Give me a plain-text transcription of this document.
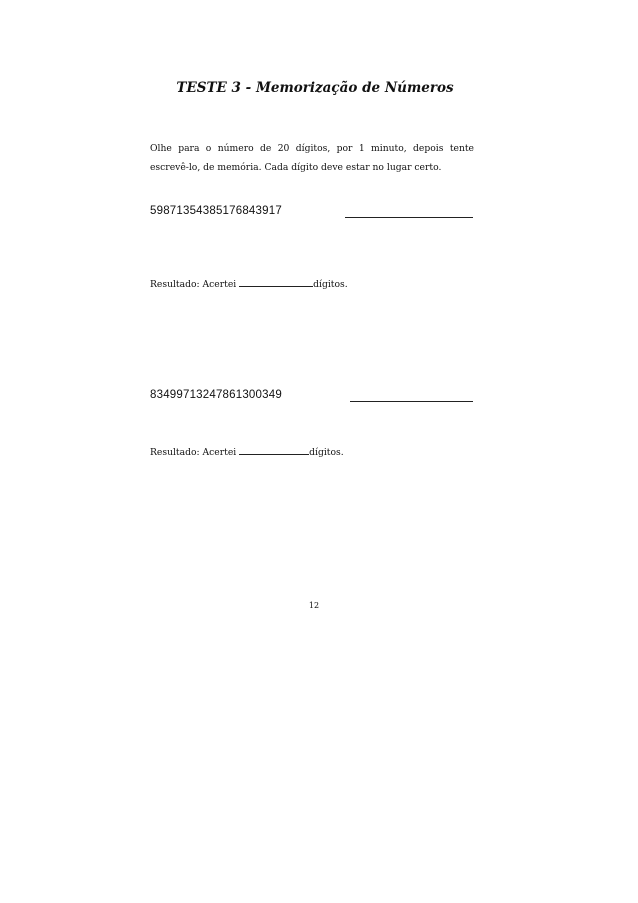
TESTE 3 - Memorização de Números
Olhe para o número de 20 dígitos, por 1 minuto, depois tente escrevê-lo, de memória. Cada dígito deve estar no lugar certo.
59871354385176843917
Resultado: Acertei	dígitos.
83499713247861300349
Resultado: Acertei	dígitos.
12
